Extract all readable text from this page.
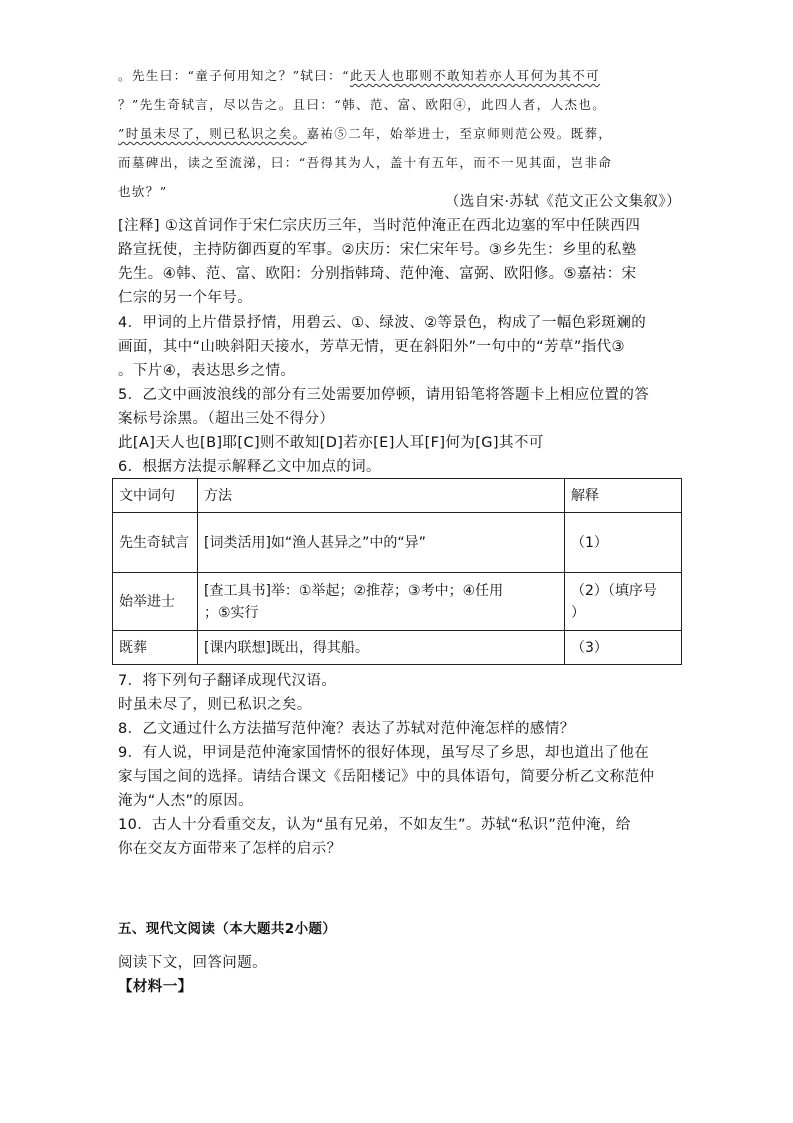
。先生曰：“童子何用知之？”轼曰：“此天人也耶则不敢知若亦人耳何为其不可
？”先生奇轼言，尽以告之。且曰：“韩、范、富、欧阳④，此四人者，人杰也。
”时虽未尽了，则已私识之矣。嘉祐⑤二年，始举进士，至京师则范公殁。既葬，
而墓碑出，读之至流涕，曰：“吾得其为人，盖十有五年，而不一见其面，岂非命
也欤？”
（选自宋·苏轼《范文正公文集叙》）
[注释] ①这首词作于宋仁宗庆历三年，当时范仲淹正在西北边塞的军中任陕西四
路宣抚使，主持防御西夏的军事。②庆历：宋仁宋年号。③乡先生：乡里的私塾
先生。④韩、范、富、欧阳：分别指韩琦、范仲淹、富弼、欧阳修。⑤嘉祜：宋
仁宗的另一个年号。
4．甲词的上片借景抒情，用碧云、①、绿波、②等景色，构成了一幅色彩斑斓的
画面，其中“山映斜阳天接水，芳草无情，更在斜阳外”一句中的“芳草”指代③
。下片④，表达思乡之情。
5．乙文中画波浪线的部分有三处需要加停顿，请用铅笔将答题卡上相应位置的答
案标号涂黑。（超出三处不得分）
此[A]天人也[B]耶[C]则不敢知[D]若亦[E]人耳[F]何为[G]其不可
6．根据方法提示解释乙文中加点的词。
文中词句	方法	解释
先生奇轼言	[词类活用]如“渔人甚异之”中的“异”	（1）
始举进士	[查工具书]举：①举起；②推荐；③考中；④任用
；⑤实行	（2）（填序号
）
既葬	[课内联想]既出，得其船。	（3）
7．将下列句子翻译成现代汉语。
时虽未尽了，则已私识之矣。
8．乙文通过什么方法描写范仲淹？表达了苏轼对范仲淹怎样的感情？
9．有人说，甲词是范仲淹家国情怀的很好体现，虽写尽了乡思，却也道出了他在
家与国之间的选择。请结合课文《岳阳楼记》中的具体语句，简要分析乙文称范仲
淹为“人杰”的原因。
10．古人十分看重交友，认为“虽有兄弟，不如友生”。苏轼“私识”范仲淹，给
你在交友方面带来了怎样的启示？
五、现代文阅读（本大题共2小题）
阅读下文，回答问题。
【材料一】
